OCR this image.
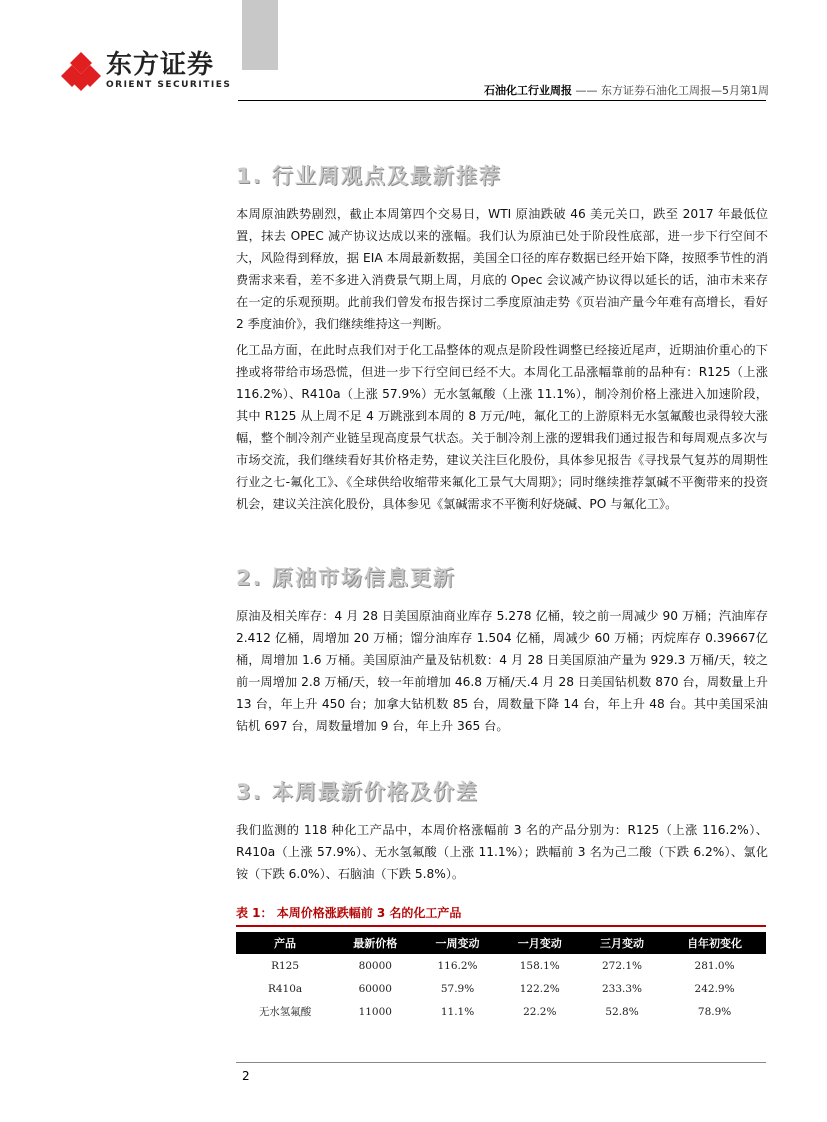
东方证券
ORIENT SECURITIES	石油化工行业周报 —— 东方证券石油化工周报—5月第1周
1. 行业周观点及最新推荐
本周原油跌势剧烈，截止本周第四个交易日，WTI 原油跌破 46 美元关口，跌至 2017 年最低位置，抹去 OPEC 减产协议达成以来的涨幅。我们认为原油已处于阶段性底部，进一步下行空间不大，风险得到释放，据 EIA 本周最新数据，美国全口径的库存数据已经开始下降，按照季节性的消费需求来看，差不多进入消费景气期上周，月底的 Opec 会议减产协议得以延长的话，油市未来存在一定的乐观预期。此前我们曾发布报告探讨二季度原油走势《页岩油产量今年难有高增长，看好 2 季度油价》，我们继续维持这一判断。
化工品方面，在此时点我们对于化工品整体的观点是阶段性调整已经接近尾声，近期油价重心的下挫或将带给市场恐慌，但进一步下行空间已经不大。本周化工品涨幅靠前的品种有：R125（上涨116.2%）、R410a（上涨 57.9%）无水氢氟酸（上涨 11.1%），制冷剂价格上涨进入加速阶段，其中 R125 从上周不足 4 万跳涨到本周的 8 万元/吨，氟化工的上游原料无水氢氟酸也录得较大涨幅，整个制冷剂产业链呈现高度景气状态。关于制冷剂上涨的逻辑我们通过报告和每周观点多次与市场交流，我们继续看好其价格走势，建议关注巨化股份，具体参见报告《寻找景气复苏的周期性行业之七-氟化工》、《全球供给收缩带来氟化工景气大周期》；同时继续推荐氯碱不平衡带来的投资机会，建议关注滨化股份，具体参见《氯碱需求不平衡利好烧碱、PO 与氟化工》。
2. 原油市场信息更新
原油及相关库存：4 月 28 日美国原油商业库存 5.278 亿桶，较之前一周减少 90 万桶；汽油库存 2.412 亿桶，周增加 20 万桶；馏分油库存 1.504 亿桶，周减少 60 万桶；丙烷库存 0.39667亿桶，周增加 1.6 万桶。美国原油产量及钻机数：4 月 28 日美国原油产量为 929.3 万桶/天，较之前一周增加 2.8 万桶/天，较一年前增加 46.8 万桶/天.4 月 28 日美国钻机数 870 台，周数量上升 13 台，年上升 450 台；加拿大钻机数 85 台，周数量下降 14 台，年上升 48 台。其中美国采油钻机 697 台，周数量增加 9 台，年上升 365 台。
3. 本周最新价格及价差
我们监测的 118 种化工产品中，本周价格涨幅前 3 名的产品分别为：R125（上涨 116.2%）、R410a（上涨 57.9%）、无水氢氟酸（上涨 11.1%）；跌幅前 3 名为己二酸（下跌 6.2%）、氯化铵（下跌 6.0%）、石脑油（下跌 5.8%）。
表 1： 本周价格涨跌幅前 3 名的化工产品
产品	最新价格	一周变动	一月变动	三月变动	自年初变化
R125	80000	116.2%	158.1%	272.1%	281.0%
R410a	60000	57.9%	122.2%	233.3%	242.9%
无水氢氟酸	11000	11.1%	22.2%	52.8%	78.9%
2
